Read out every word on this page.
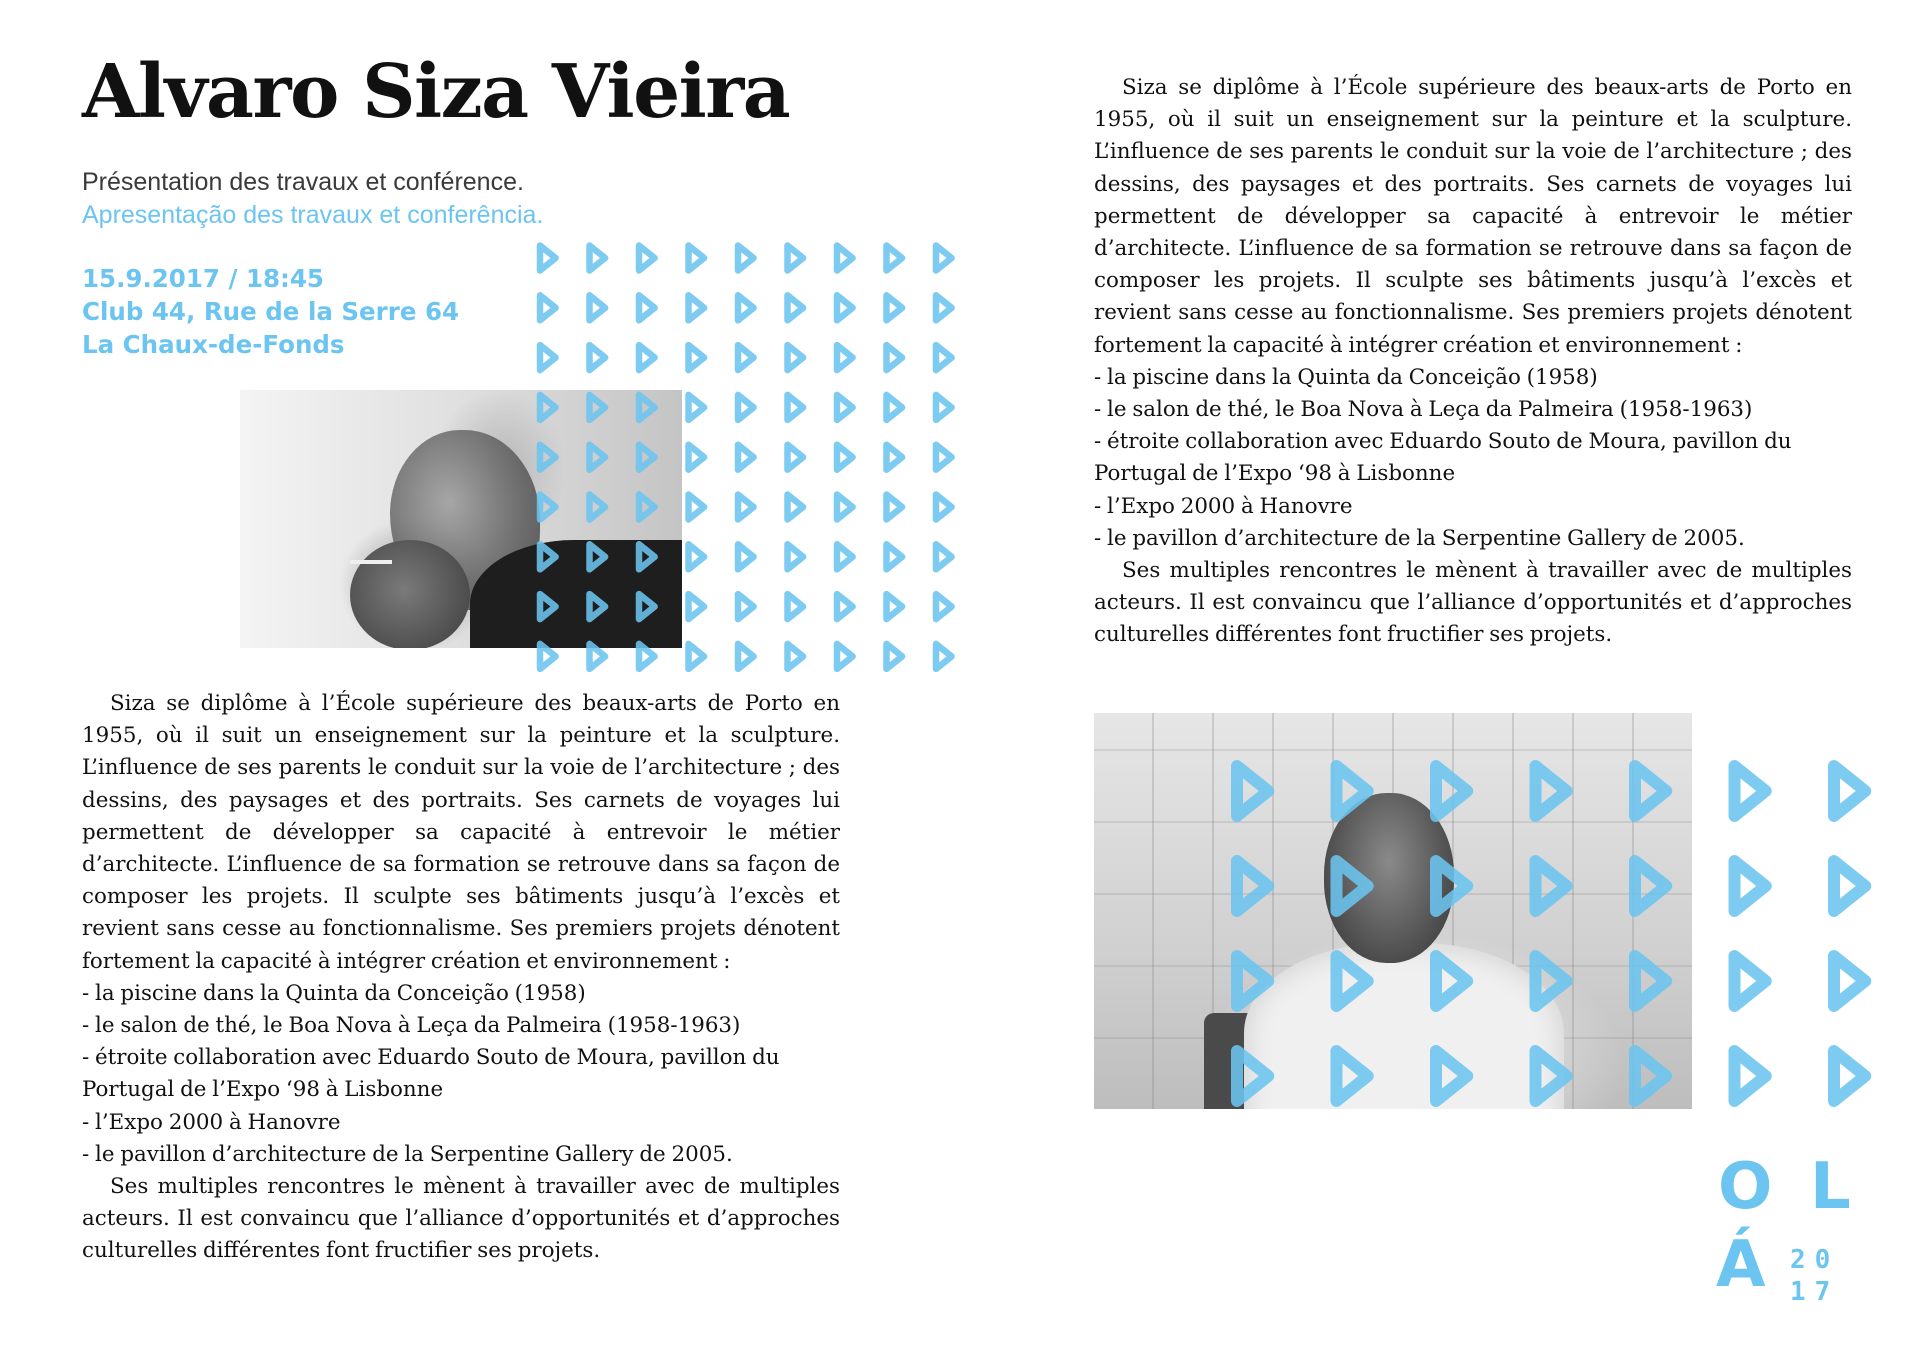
Alvaro Siza Vieira
Présentation des travaux et conférence.
Apresentação des travaux et conferência.
15.9.2017 / 18:45
Club 44, Rue de la Serre 64
La Chaux-de-Fonds

Siza se diplôme à l’École supérieure des beaux-arts de Porto en 1955, où il suit un enseignement sur la peinture et la sculpture. L’influence de ses parents le conduit sur la voie de l’architecture ; des dessins, des paysages et des portraits. Ses carnets de voyages lui permettent de développer sa capacité à entrevoir le métier d’architecte. L’influence de sa formation se retrouve dans sa façon de composer les projets. Il sculpte ses bâtiments jusqu’à l’excès et revient sans cesse au fonctionnalisme. Ses premiers projets dénotent fortement la capacité à intégrer création et environnement :

- la piscine dans la Quinta da Conceição (1958)
- le salon de thé, le Boa Nova à Leça da Palmeira (1958-1963)
- étroite collaboration avec Eduardo Souto de Moura, pavillon du Portugal de l’Expo ‘98 à Lisbonne
- l’Expo 2000 à Hanovre
- le pavillon d’architecture de la Serpentine Gallery de 2005.

Ses multiples rencontres le mènent à travailler avec de multiples acteurs. Il est convaincu que l’alliance d’opportunités et d’approches culturelles différentes font fructifier ses projets.

Siza se diplôme à l’École supérieure des beaux-arts de Porto en 1955, où il suit un enseignement sur la peinture et la sculpture. L’influence de ses parents le conduit sur la voie de l’architecture ; des dessins, des paysages et des portraits. Ses carnets de voyages lui permettent de développer sa capacité à entrevoir le métier d’architecte. L’influence de sa formation se retrouve dans sa façon de composer les projets. Il sculpte ses bâtiments jusqu’à l’excès et revient sans cesse au fonctionnalisme. Ses premiers projets dénotent fortement la capacité à intégrer création et environnement :

- la piscine dans la Quinta da Conceição (1958)
- le salon de thé, le Boa Nova à Leça da Palmeira (1958-1963)
- étroite collaboration avec Eduardo Souto de Moura, pavillon du Portugal de l’Expo ‘98 à Lisbonne
- l’Expo 2000 à Hanovre
- le pavillon d’architecture de la Serpentine Gallery de 2005.

Ses multiples rencontres le mènent à travailler avec de multiples acteurs. Il est convaincu que l’alliance d’opportunités et d’approches culturelles différentes font fructifier ses projets.

O L
Á 20
17
